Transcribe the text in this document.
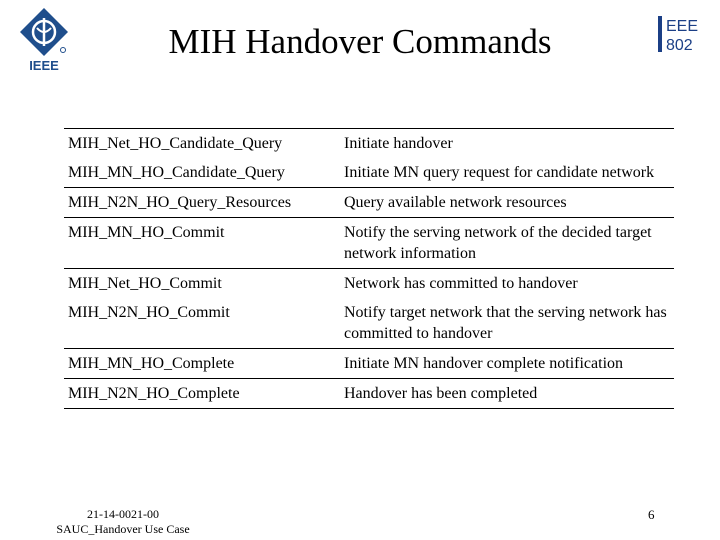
IEEE
EEE
802
MIH Handover Commands
MIH_Net_HO_Candidate_Query	Initiate handover
MIH_MN_HO_Candidate_Query	Initiate MN query request for candidate network
MIH_N2N_HO_Query_Resources	Query available network resources
MIH_MN_HO_Commit	Notify the serving network of the decided target network information
MIH_Net_HO_Commit	Network has committed to handover
MIH_N2N_HO_Commit	Notify target network that the serving network has committed to handover
MIH_MN_HO_Complete	Initiate MN handover complete notification
MIH_N2N_HO_Complete	Handover has been completed
21-14-0021-00
SAUC_Handover Use Case
6
